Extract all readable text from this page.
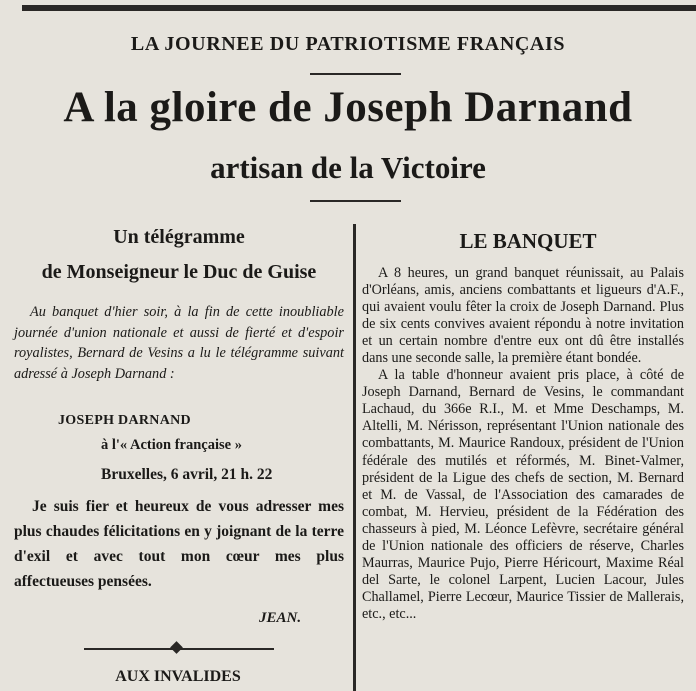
LA JOURNEE DU PATRIOTISME FRANÇAIS
A la gloire de Joseph Darnand
artisan de la Victoire
Un télégramme
de Monseigneur le Duc de Guise

Au banquet d'hier soir, à la fin de cette inoubliable journée d'union nationale et aussi de fierté et d'espoir royalistes, Bernard de Vesins a lu le télégramme suivant adressé à Joseph Darnand :

JOSEPH DARNAND
à l'« Action française »
Bruxelles, 6 avril, 21 h. 22

Je suis fier et heureux de vous adresser mes plus chaudes félicitations en y joignant de la terre d'exil et avec tout mon cœur mes plus affectueuses pensées.

JEAN.
AUX INVALIDES
LE BANQUET

A 8 heures, un grand banquet réunissait, au Palais d'Orléans, amis, anciens combattants et ligueurs d'A.F., qui avaient voulu fêter la croix de Joseph Darnand. Plus de six cents convives avaient répondu à notre invitation et un certain nombre d'entre eux ont dû être installés dans une seconde salle, la première étant bondée.

A la table d'honneur avaient pris place, à côté de Joseph Darnand, Bernard de Vesins, le commandant Lachaud, du 366e R.I., M. et Mme Deschamps, M. Altelli, M. Nérisson, représentant l'Union nationale des combattants, M. Maurice Randoux, président de l'Union fédérale des mutilés et réformés, M. Binet-Valmer, président de la Ligue des chefs de section, M. Bernard et M. de Vassal, de l'Association des camarades de combat, M. Hervieu, président de la Fédération des chasseurs à pied, M. Léonce Lefèvre, secrétaire général de l'Union nationale des officiers de réserve, Charles Maurras, Maurice Pujo, Pierre Héricourt, Maxime Réal del Sarte, le colonel Larpent, Lucien Lacour, Jules Challamel, Pierre Lecœur, Maurice Tissier de Mallerais, etc., etc...
